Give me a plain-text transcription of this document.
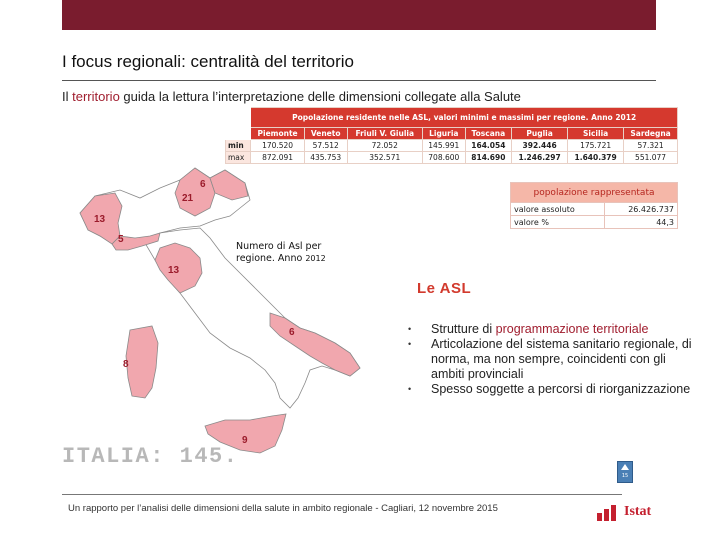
I focus regionali: centralità del territorio
Il territorio guida la lettura l’interpretazione delle dimensioni collegate alla Salute
6
21
13
5
13
6
8
9
Numero di Asl per
regione. Anno 2012
	Popolazione residente nelle ASL, valori minimi e massimi per regione. Anno 2012							
	Piemonte	Veneto	Friuli V. Giulia	Liguria	Toscana	Puglia	Sicilia	Sardegna
min	170.520	57.512	72.052	145.991	164.054	392.446	175.721	57.321
max	872.091	435.753	352.571	708.600	814.690	1.246.297	1.640.379	551.077
popolazione rappresentata	
valore assoluto	26.426.737
valore %	44,3
Le ASL
• Strutture di programmazione territoriale
• Articolazione del sistema sanitario regionale, di norma, ma non sempre, coincidenti con gli ambiti provinciali
• Spesso soggette a percorsi di riorganizzazione
ITALIA: 145.
15
Un rapporto per l’analisi delle dimensioni della salute in ambito regionale - Cagliari, 12 novembre 2015	Istat
